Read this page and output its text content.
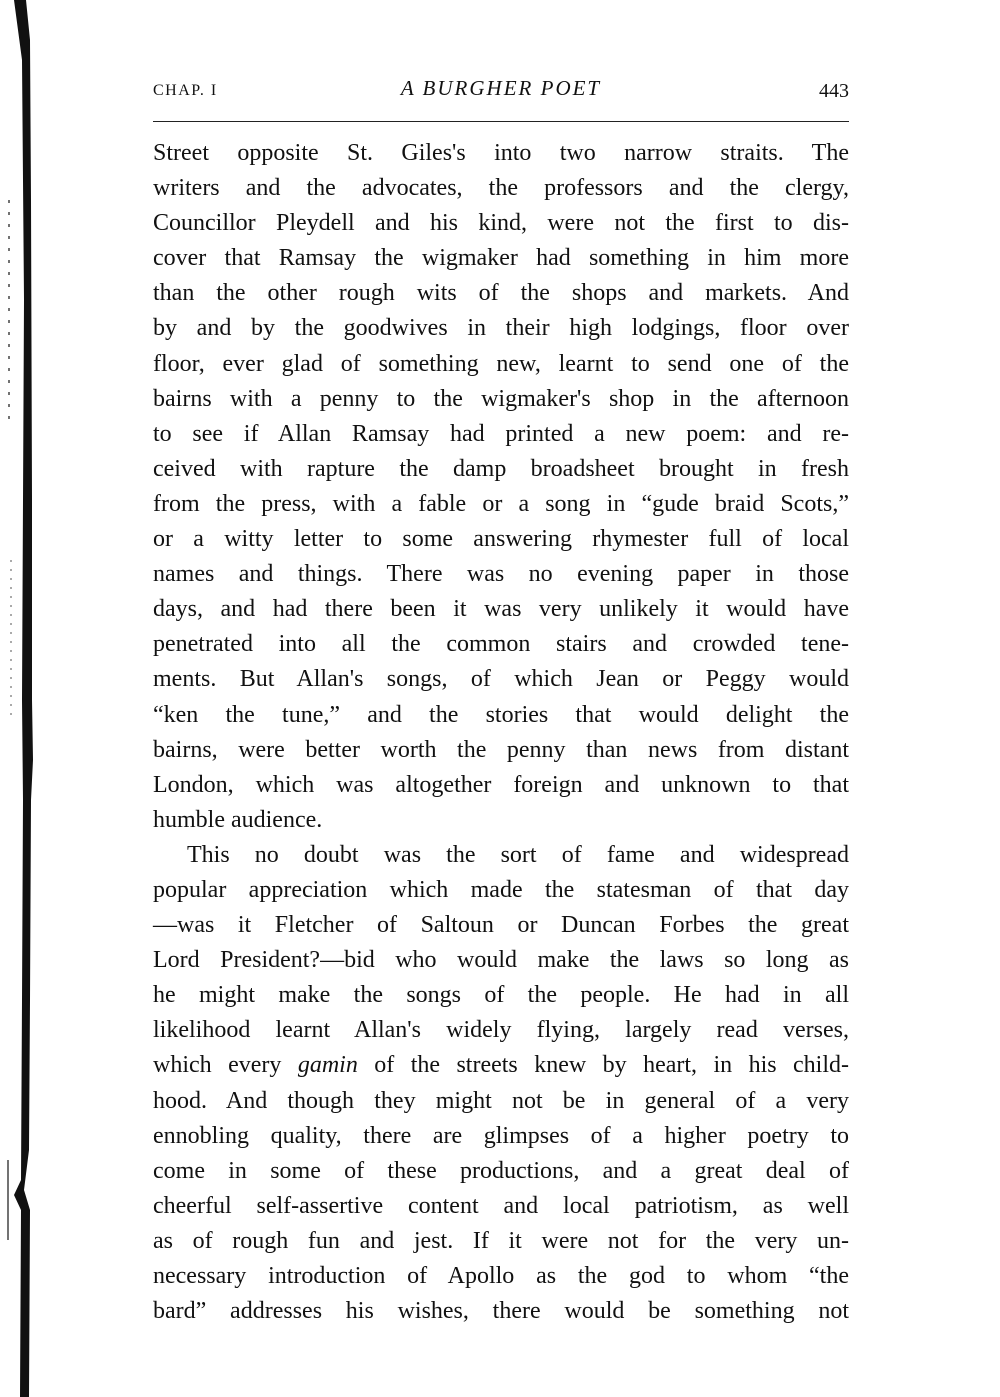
CHAP. I	A BURGHER POET	443
Street opposite St. Giles's into two narrow straits. The
writers and the advocates, the professors and the clergy,
Councillor Pleydell and his kind, were not the first to dis-
cover that Ramsay the wigmaker had something in him more
than the other rough wits of the shops and markets. And
by and by the goodwives in their high lodgings, floor over
floor, ever glad of something new, learnt to send one of the
bairns with a penny to the wigmaker's shop in the afternoon
to see if Allan Ramsay had printed a new poem: and re-
ceived with rapture the damp broadsheet brought in fresh
from the press, with a fable or a song in “gude braid Scots,”
or a witty letter to some answering rhymester full of local
names and things. There was no evening paper in those
days, and had there been it was very unlikely it would have
penetrated into all the common stairs and crowded tene-
ments. But Allan's songs, of which Jean or Peggy would
“ken the tune,” and the stories that would delight the
bairns, were better worth the penny than news from distant
London, which was altogether foreign and unknown to that
humble audience.
This no doubt was the sort of fame and widespread
popular appreciation which made the statesman of that day
—was it Fletcher of Saltoun or Duncan Forbes the great
Lord President?—bid who would make the laws so long as
he might make the songs of the people. He had in all
likelihood learnt Allan's widely flying, largely read verses,
which every gamin of the streets knew by heart, in his child-
hood. And though they might not be in general of a very
ennobling quality, there are glimpses of a higher poetry to
come in some of these productions, and a great deal of
cheerful self-assertive content and local patriotism, as well
as of rough fun and jest. If it were not for the very un-
necessary introduction of Apollo as the god to whom “the
bard” addresses his wishes, there would be something not
